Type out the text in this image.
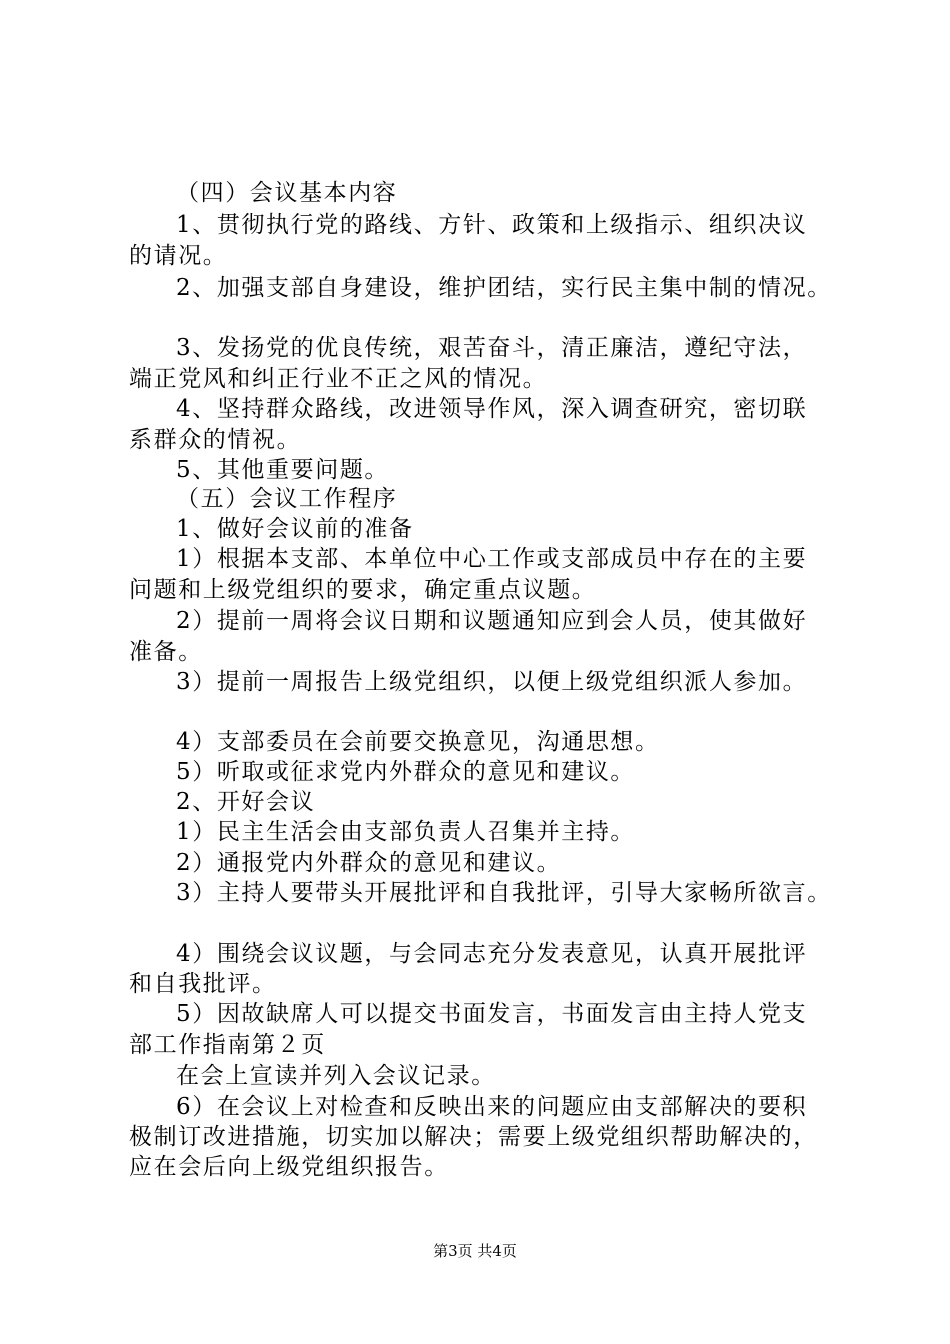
（四）会议基本内容
1、贯彻执行党的路线、方针、政策和上级指示、组织决议
的请况。
2、加强支部自身建设，维护团结，实行民主集中制的情况。
3、发扬党的优良传统，艰苦奋斗，清正廉洁，遵纪守法，
端正党风和纠正行业不正之风的情况。
4、坚持群众路线，改进领导作风，深入调查研究，密切联
系群众的情祝。
5、其他重要问题。
（五）会议工作程序
1、做好会议前的准备
1）根据本支部、本单位中心工作或支部成员中存在的主要
问题和上级党组织的要求，确定重点议题。
2）提前一周将会议日期和议题通知应到会人员，使其做好
准备。
3）提前一周报告上级党组织，以便上级党组织派人参加。
4）支部委员在会前要交换意见，沟通思想。
5）听取或征求党内外群众的意见和建议。
2、开好会议
1）民主生活会由支部负责人召集并主持。
2）通报党内外群众的意见和建议。
3）主持人要带头开展批评和自我批评，引导大家畅所欲言。
4）围绕会议议题，与会同志充分发表意见，认真开展批评
和自我批评。
5）因故缺席人可以提交书面发言，书面发言由主持人党支
部工作指南第２页
在会上宣读并列入会议记录。
6）在会议上对检查和反映出来的问题应由支部解决的要积
极制订改进措施，切实加以解决；需要上级党组织帮助解决的，
应在会后向上级党组织报告。
第3页 共4页
